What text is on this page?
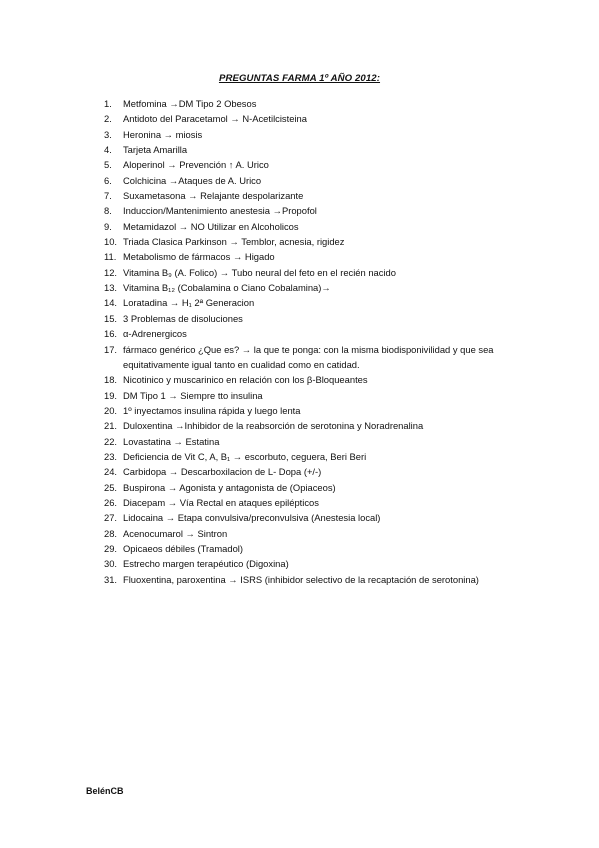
PREGUNTAS FARMA 1º AÑO 2012:
1. Metfomina →DM Tipo 2 Obesos
2. Antidoto del Paracetamol → N-Acetilcisteina
3. Heronina → miosis
4. Tarjeta Amarilla
5. Aloperinol → Prevención ↑ A. Urico
6. Colchicina →Ataques de A. Urico
7. Suxametasona → Relajante despolarizante
8. Induccion/Mantenimiento anestesia →Propofol
9. Metamidazol → NO Utilizar en Alcoholicos
10. Triada Clasica Parkinson → Temblor, acnesia, rigidez
11. Metabolismo de fármacos → Higado
12. Vitamina B₉ (A. Folico) → Tubo neural del feto en el recién nacido
13. Vitamina B₁₂ (Cobalamina o Ciano Cobalamina)→
14. Loratadina → H₁ 2ª Generacion
15. 3 Problemas de disoluciones
16. α-Adrenergicos
17. fármaco genérico ¿Que es? → la que te ponga: con la misma biodisponivilidad y que sea equitativamente igual tanto en cualidad como en catidad.
18. Nicotinico y muscarinico en relación con los β-Bloqueantes
19. DM Tipo 1 → Siempre tto insulina
20. 1º inyectamos insulina rápida y luego lenta
21. Duloxentina →Inhibidor de la reabsorción de serotonina y Noradrenalina
22. Lovastatina → Estatina
23. Deficiencia de Vit C, A, B₁ → escorbuto, ceguera, Beri Beri
24. Carbidopa → Descarboxilacion de L- Dopa (+/-)
25. Buspirona → Agonista y antagonista de (Opiaceos)
26. Diacepam → Vía Rectal en ataques epilépticos
27. Lidocaina → Etapa convulsiva/preconvulsiva (Anestesia local)
28. Acenocumarol → Sintron
29. Opicaeos débiles (Tramadol)
30. Estrecho margen terapéutico (Digoxina)
31. Fluoxentina, paroxentina → ISRS (inhibidor selectivo de la recaptación de serotonina)
BelénCB
